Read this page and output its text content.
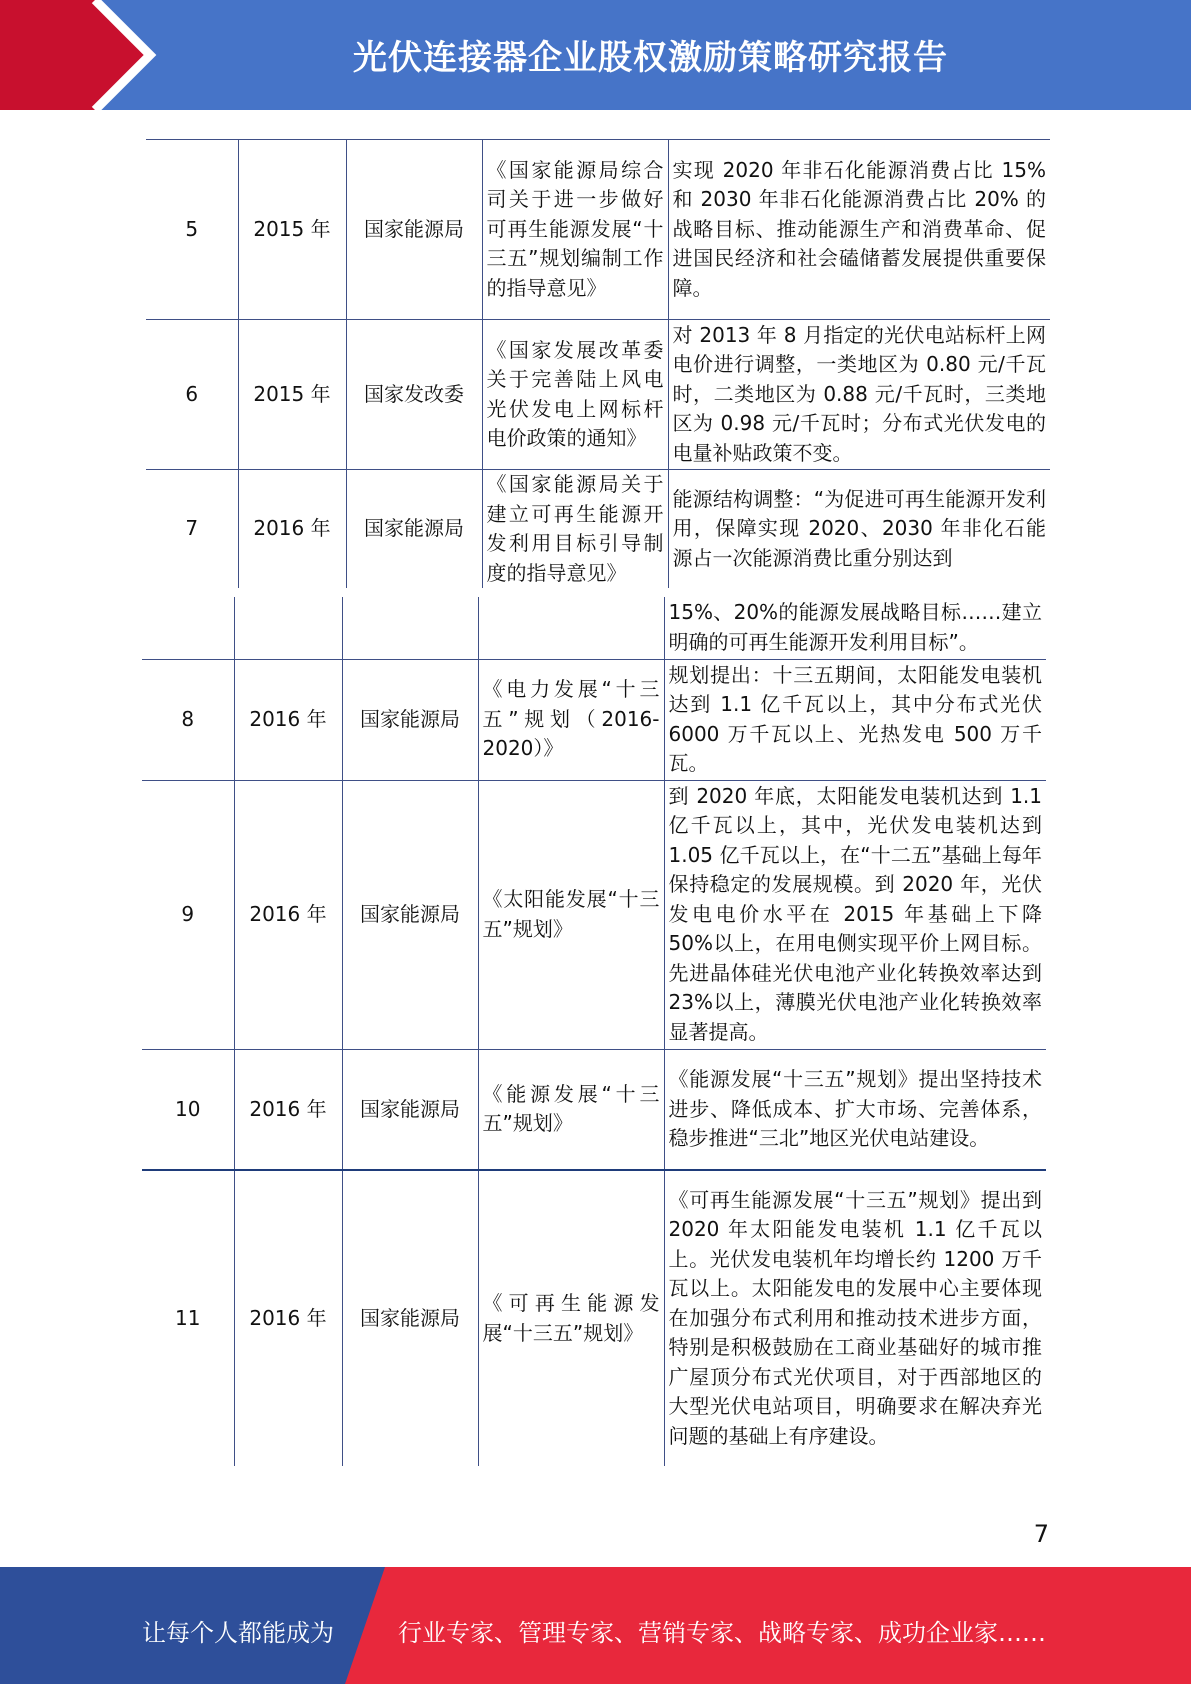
光伏连接器企业股权激励策略研究报告
5	2015 年	国家能源局	《国家能源局综合司关于进一步做好可再生能源发展“十三五”规划编制工作的指导意见》	实现 2020 年非石化能源消费占比 15% 和 2030 年非石化能源消费占比 20% 的战略目标、推动能源生产和消费革命、促进国民经济和社会磕储蓄发展提供重要保障。
6	2015 年	国家发改委	《国家发展改革委关于完善陆上风电光伏发电上网标杆电价政策的通知》	对 2013 年 8 月指定的光伏电站标杆上网电价进行调整，一类地区为 0.80 元/千瓦时，二类地区为 0.88 元/千瓦时，三类地区为 0.98 元/千瓦时；分布式光伏发电的电量补贴政策不变。
7	2016 年	国家能源局	《国家能源局关于建立可再生能源开发利用目标引导制度的指导意见》	能源结构调整：“为促进可再生能源开发利用，保障实现 2020、2030 年非化石能源占一次能源消费比重分别达到
				15%、20%的能源发展战略目标……建立明确的可再生能源开发利用目标”。
8	2016 年	国家能源局	《电力发展“十三五”规划（2016-2020）》	规划提出：十三五期间，太阳能发电装机达到 1.1 亿千瓦以上，其中分布式光伏 6000 万千瓦以上、光热发电 500 万千瓦。
9	2016 年	国家能源局	《太阳能发展“十三五”规划》	到 2020 年底，太阳能发电装机达到 1.1 亿千瓦以上，其中，光伏发电装机达到 1.05 亿千瓦以上，在“十二五”基础上每年保持稳定的发展规模。到 2020 年，光伏发电电价水平在 2015 年基础上下降 50%以上，在用电侧实现平价上网目标。先进晶体硅光伏电池产业化转换效率达到 23%以上，薄膜光伏电池产业化转换效率显著提高。
10	2016 年	国家能源局	《能源发展“十三五”规划》	《能源发展“十三五”规划》提出坚持技术进步、降低成本、扩大市场、完善体系，稳步推进“三北”地区光伏电站建设。
11	2016 年	国家能源局	《可再生能源发展“十三五”规划》	《可再生能源发展“十三五”规划》提出到 2020 年太阳能发电装机 1.1 亿千瓦以上。光伏发电装机年均增长约 1200 万千瓦以上。太阳能发电的发展中心主要体现在加强分布式利用和推动技术进步方面，特别是积极鼓励在工商业基础好的城市推广屋顶分布式光伏项目，对于西部地区的大型光伏电站项目，明确要求在解决弃光问题的基础上有序建设。
7
让每个人都能成为	行业专家、管理专家、营销专家、战略专家、成功企业家……
